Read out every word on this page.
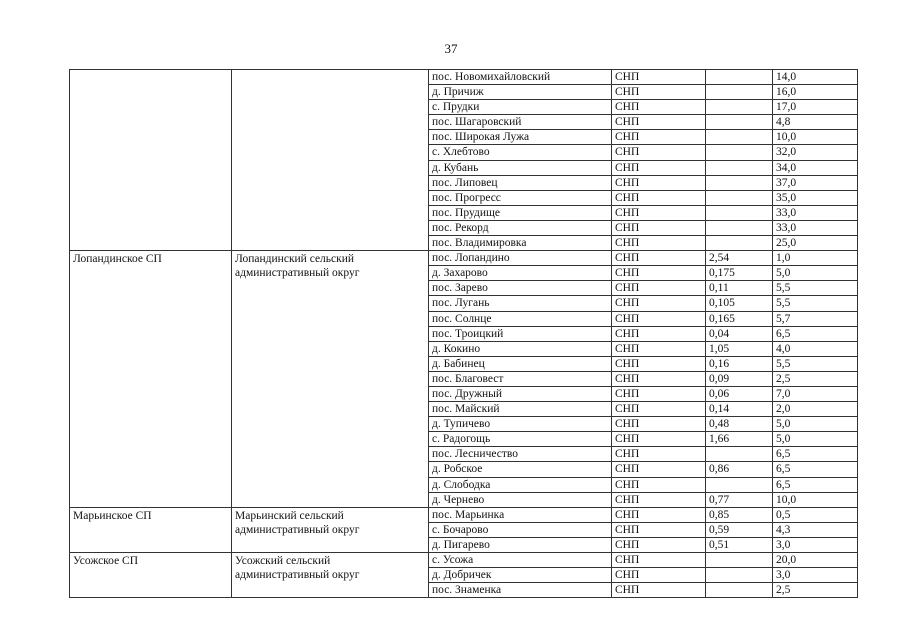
37
		пос. Новомихайловский	СНП		14,0
		д. Причиж	СНП		16,0
		с. Прудки	СНП		17,0
		пос. Шагаровский	СНП		4,8
		пос. Широкая Лужа	СНП		10,0
		с. Хлебтово	СНП		32,0
		д. Кубань	СНП		34,0
		пос. Липовец	СНП		37,0
		пос. Прогресс	СНП		35,0
		пос. Прудище	СНП		33,0
		пос. Рекорд	СНП		33,0
		пос. Владимировка	СНП		25,0
Лопандинское СП	Лопандинский сельский административный округ	пос. Лопандино	СНП	2,54	1,0
		д. Захарово	СНП	0,175	5,0
		пос. Зарево	СНП	0,11	5,5
		пос. Лугань	СНП	0,105	5,5
		пос. Солнце	СНП	0,165	5,7
		пос. Троицкий	СНП	0,04	6,5
		д. Кокино	СНП	1,05	4,0
		д. Бабинец	СНП	0,16	5,5
		пос. Благовест	СНП	0,09	2,5
		пос. Дружный	СНП	0,06	7,0
		пос. Майский	СНП	0,14	2,0
		д. Тупичево	СНП	0,48	5,0
		с. Радогощь	СНП	1,66	5,0
		пос. Лесничество	СНП		6,5
		д. Робское	СНП	0,86	6,5
		д. Слободка	СНП		6,5
		д. Чернево	СНП	0,77	10,0
Марьинское СП	Марьинский сельский административный округ	пос. Марьинка	СНП	0,85	0,5
		с. Бочарово	СНП	0,59	4,3
		д. Пигарево	СНП	0,51	3,0
Усожское СП	Усожский сельский административный округ	с. Усожа	СНП		20,0
		д. Добричек	СНП		3,0
		пос. Знаменка	СНП		2,5
